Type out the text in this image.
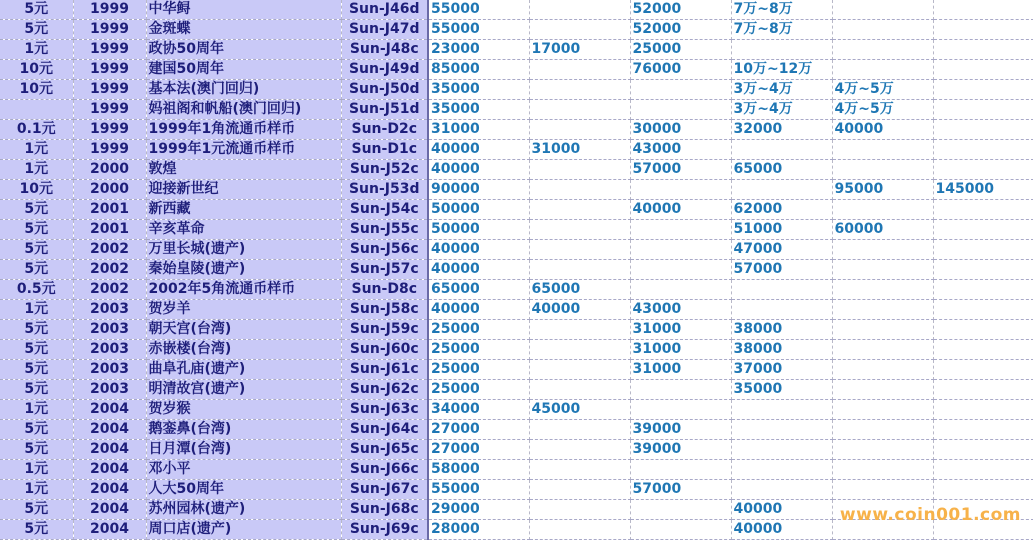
5元	1999	中华鲟	Sun-J46d	55000		52000	7万~8万		
5元	1999	金斑蝶	Sun-J47d	55000		52000	7万~8万		
1元	1999	政协50周年	Sun-J48c	23000	17000	25000			
10元	1999	建国50周年	Sun-J49d	85000		76000	10万~12万		
10元	1999	基本法(澳门回归)	Sun-J50d	35000			3万~4万	4万~5万	
	1999	妈祖阁和帆船(澳门回归)	Sun-J51d	35000			3万~4万	4万~5万	
0.1元	1999	1999年1角流通币样币	Sun-D2c	31000		30000	32000	40000	
1元	1999	1999年1元流通币样币	Sun-D1c	40000	31000	43000			
1元	2000	敦煌	Sun-J52c	40000		57000	65000		
10元	2000	迎接新世纪	Sun-J53d	90000				95000	145000
5元	2001	新西藏	Sun-J54c	50000		40000	62000		
5元	2001	辛亥革命	Sun-J55c	50000			51000	60000	
5元	2002	万里长城(遗产)	Sun-J56c	40000			47000		
5元	2002	秦始皇陵(遗产)	Sun-J57c	40000			57000		
0.5元	2002	2002年5角流通币样币	Sun-D8c	65000	65000				
1元	2003	贺岁羊	Sun-J58c	40000	40000	43000			
5元	2003	朝天宫(台湾)	Sun-J59c	25000		31000	38000		
5元	2003	赤嵌楼(台湾)	Sun-J60c	25000		31000	38000		
5元	2003	曲阜孔庙(遗产)	Sun-J61c	25000		31000	37000		
5元	2003	明清故宫(遗产)	Sun-J62c	25000			35000		
1元	2004	贺岁猴	Sun-J63c	34000	45000				
5元	2004	鹅銮鼻(台湾)	Sun-J64c	27000		39000			
5元	2004	日月潭(台湾)	Sun-J65c	27000		39000			
1元	2004	邓小平	Sun-J66c	58000					
1元	2004	人大50周年	Sun-J67c	55000		57000			
5元	2004	苏州园林(遗产)	Sun-J68c	29000			40000		
5元	2004	周口店(遗产)	Sun-J69c	28000			40000		
www.coin001.com
